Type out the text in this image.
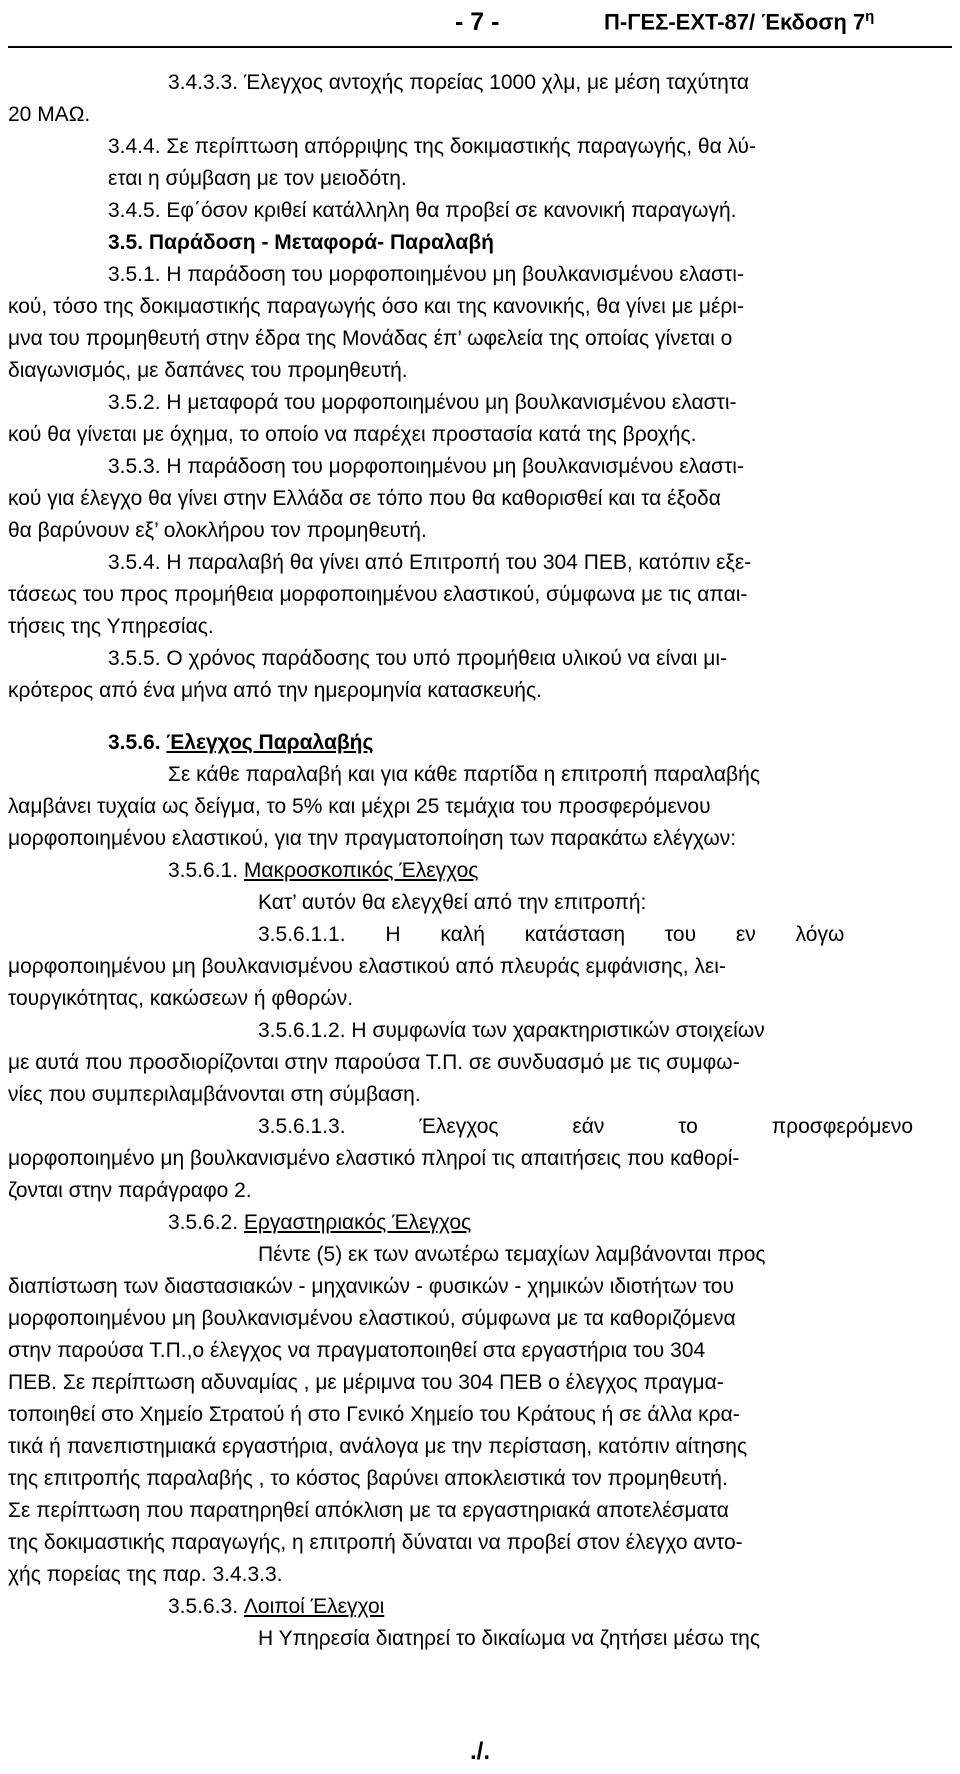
- 7 -	Π-ΓΕΣ-ΕΧΤ-87/ Έκδοση $7^\eta$
3.4.3.3. Έλεγχος αντοχής πορείας 1000 χλμ, με μέση ταχύτητα
20 ΜΑΩ.
3.4.4. Σε περίπτωση απόρριψης της δοκιμαστικής παραγωγής, θα λύ-
εται η σύμβαση με τον μειοδότη.
3.4.5. Εφ΄όσον κριθεί κατάλληλη θα προβεί σε κανονική παραγωγή.
3.5. Παράδοση - Μεταφορά- Παραλαβή
3.5.1. Η παράδοση του μορφοποιημένου μη βουλκανισμένου ελαστι-
κού, τόσο της δοκιμαστικής παραγωγής όσο και της κανονικής, θα γίνει με μέρι-
μνα του προμηθευτή στην έδρα της Μονάδας έπ’ ωφελεία της οποίας γίνεται ο
διαγωνισμός, με δαπάνες του προμηθευτή.
3.5.2. Η μεταφορά του μορφοποιημένου μη βουλκανισμένου ελαστι-
κού θα γίνεται με όχημα, το οποίο να παρέχει προστασία κατά της βροχής.
3.5.3. Η παράδοση του μορφοποιημένου μη βουλκανισμένου ελαστι-
κού για έλεγχο θα γίνει στην Ελλάδα σε τόπο που θα καθορισθεί και τα έξοδα
θα βαρύνουν εξ’ ολοκλήρου τον προμηθευτή.
3.5.4. Η παραλαβή θα γίνει από Επιτροπή του 304 ΠΕΒ, κατόπιν εξε-
τάσεως του προς προμήθεια μορφοποιημένου ελαστικού, σύμφωνα με τις απαι-
τήσεις της Υπηρεσίας.
3.5.5. Ο χρόνος παράδοσης του υπό προμήθεια υλικού να είναι μι-
κρότερος από ένα μήνα από την ημερομηνία κατασκευής.
3.5.6. Έλεγχος Παραλαβής
Σε κάθε παραλαβή και για κάθε παρτίδα η επιτροπή παραλαβής
λαμβάνει τυχαία ως δείγμα, το 5% και μέχρι 25 τεμάχια του προσφερόμενου
μορφοποιημένου ελαστικού, για την πραγματοποίηση των παρακάτω ελέγχων:
3.5.6.1. Μακροσκοπικός Έλεγχος
Κατ’ αυτόν θα ελεγχθεί από την επιτροπή:
3.5.6.1.1. Η καλή κατάσταση του εν λόγω
μορφοποιημένου μη βουλκανισμένου ελαστικού από πλευράς εμφάνισης, λει-
τουργικότητας, κακώσεων ή φθορών.
3.5.6.1.2. Η συμφωνία των χαρακτηριστικών στοιχείων
με αυτά που προσδιορίζονται στην παρούσα Τ.Π. σε συνδυασμό με τις συμφω-
νίες που συμπεριλαμβάνονται στη σύμβαση.
3.5.6.1.3. Έλεγχος εάν το προσφερόμενο
μορφοποιημένο μη βουλκανισμένο ελαστικό πληροί τις απαιτήσεις που καθορί-
ζονται στην παράγραφο 2.
3.5.6.2. Εργαστηριακός Έλεγχος
Πέντε (5) εκ των ανωτέρω τεμαχίων λαμβάνονται προς
διαπίστωση των διαστασιακών - μηχανικών - φυσικών - χημικών ιδιοτήτων του
μορφοποιημένου μη βουλκανισμένου ελαστικού, σύμφωνα με τα καθοριζόμενα
στην παρούσα Τ.Π.,ο έλεγχος να πραγματοποιηθεί στα εργαστήρια του 304
ΠΕΒ. Σε περίπτωση αδυναμίας , με μέριμνα του 304 ΠΕΒ ο έλεγχος πραγμα-
τοποιηθεί στο Χημείο Στρατού ή στο Γενικό Χημείο του Κράτους ή σε άλλα κρα-
τικά ή πανεπιστημιακά εργαστήρια, ανάλογα με την περίσταση, κατόπιν αίτησης
της επιτροπής παραλαβής , το κόστος βαρύνει αποκλειστικά τον προμηθευτή.
Σε περίπτωση που παρατηρηθεί απόκλιση με τα εργαστηριακά αποτελέσματα
της δοκιμαστικής παραγωγής, η επιτροπή δύναται να προβεί στον έλεγχο αντο-
χής πορείας της παρ. 3.4.3.3.
3.5.6.3. Λοιποί Έλεγχοι
Η Υπηρεσία διατηρεί το δικαίωμα να ζητήσει μέσω της
./.
